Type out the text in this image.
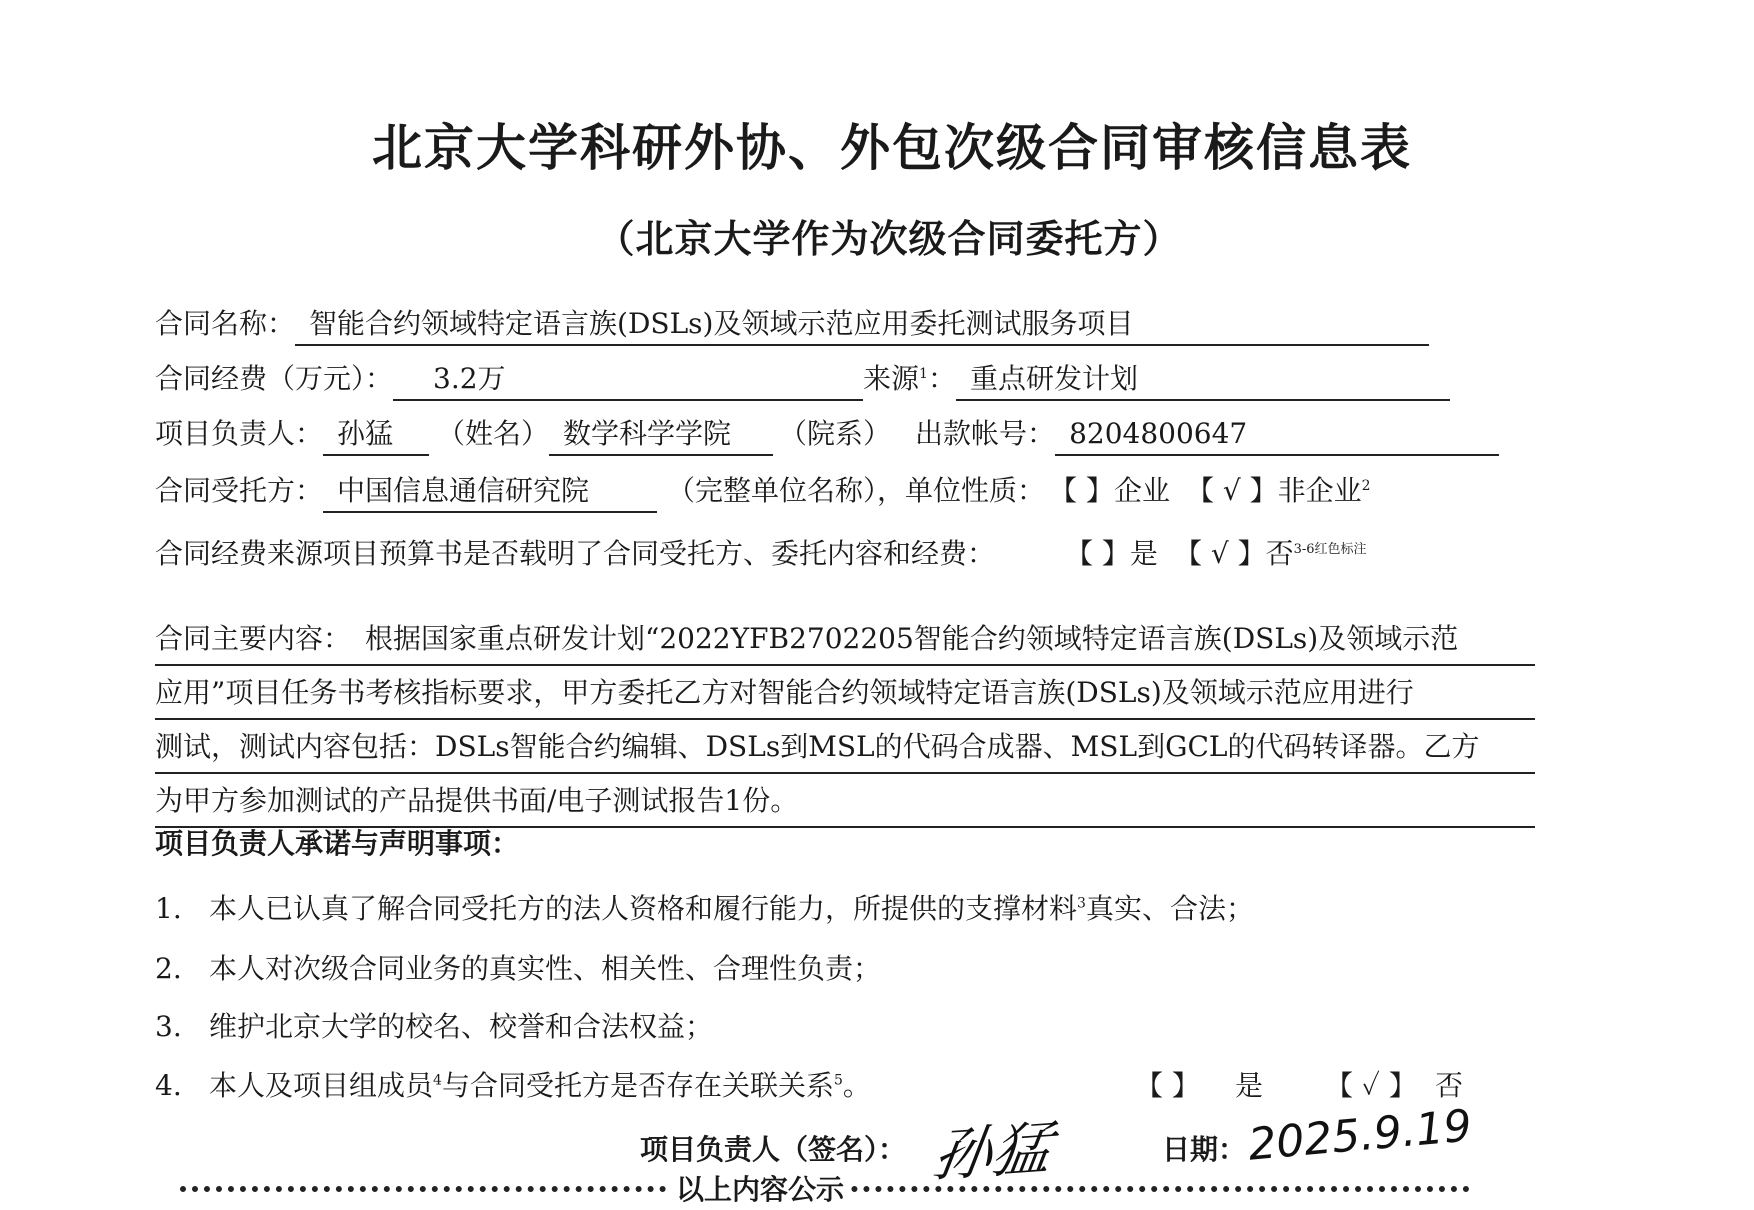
北京大学科研外协、外包次级合同审核信息表
（北京大学作为次级合同委托方）
合同名称： 智能合约领域特定语言族(DSLs)及领域示范应用委托测试服务项目
合同经费（万元）： 3.2万	来源1： 重点研发计划
项目负责人： 孙猛 （姓名） 数学科学学院 （院系） 出款帐号： 8204800647
合同受托方： 中国信息通信研究院	（完整单位名称），单位性质： 【 】企业 【 √ 】非企业2
合同经费来源项目预算书是否载明了合同受托方、委托内容和经费：	【 】是 【 √ 】否3-6红色标注
合同主要内容： 根据国家重点研发计划“2022YFB2702205智能合约领域特定语言族(DSLs)及领域示范
应用”项目任务书考核指标要求，甲方委托乙方对智能合约领域特定语言族(DSLs)及领域示范应用进行
测试，测试内容包括：DSLs智能合约编辑、DSLs到MSL的代码合成器、MSL到GCL的代码转译器。乙方
为甲方参加测试的产品提供书面/电子测试报告1份。
项目负责人承诺与声明事项：
1. 本人已认真了解合同受托方的法人资格和履行能力，所提供的支撑材料$^3$真实、合法；
2. 本人对次级合同业务的真实性、相关性、合理性负责；
3. 维护北京大学的校名、校誉和合法权益；
4. 本人及项目组成员$^4$与合同受托方是否存在关联关系$^5$。	【 】 是 【 ✓ 】 否
项目负责人（签名）： 孙猛	日期： 2025.9.19
以上内容公示
